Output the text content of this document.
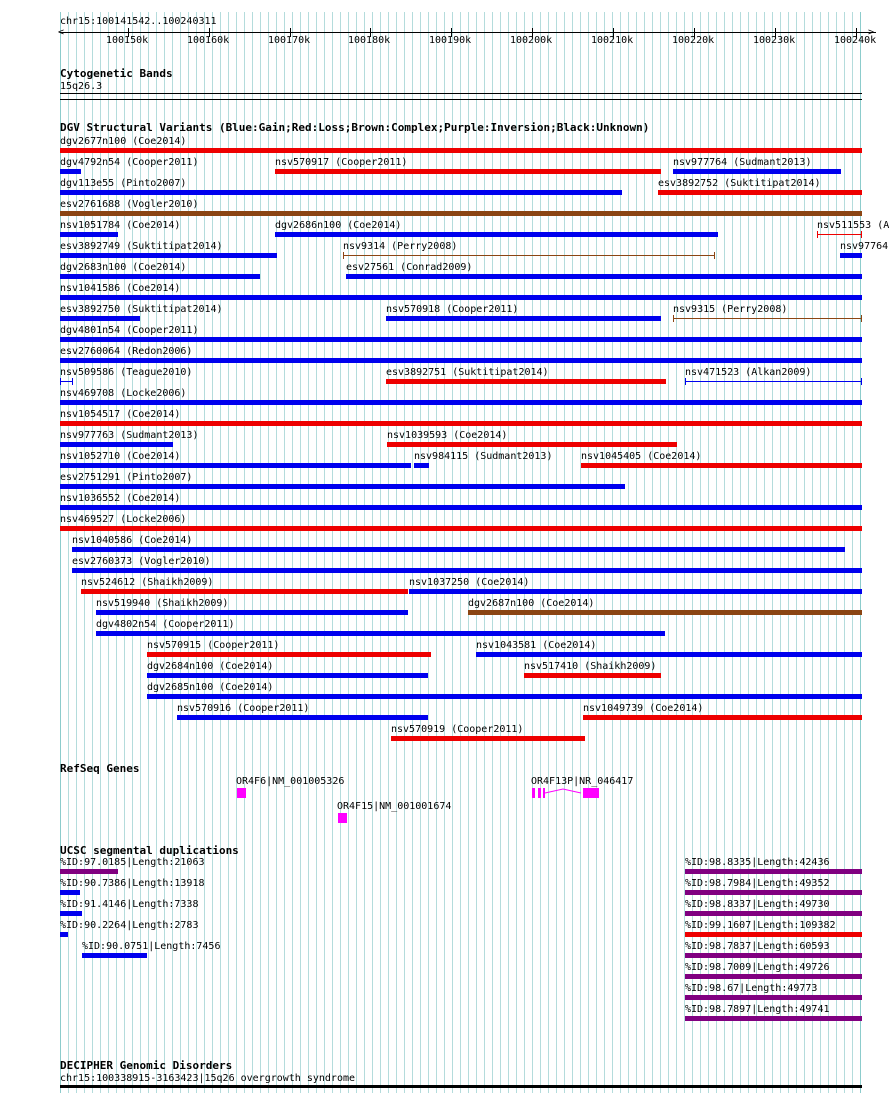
chr15:100141542..100240311
100150k	100160k	100170k	100180k	100190k	100200k	100210k	100220k	100230k	100240k
<	>
Cytogenetic Bands
15q26.3
DGV Structural Variants (Blue:Gain;Red:Loss;Brown:Complex;Purple:Inversion;Black:Unknown)
dgv2677n100 (Coe2014)
dgv4792n54 (Cooper2011)	nsv570917 (Cooper2011)	nsv977764 (Sudmant2013)
dgv113e55 (Pinto2007)	esv3892752 (Suktitipat2014)
esv2761688 (Vogler2010)
nsv1051784 (Coe2014)	dgv2686n100 (Coe2014)	nsv511553 (A
esv3892749 (Suktitipat2014)	nsv9314 (Perry2008)	nsv97764
dgv2683n100 (Coe2014)	esv27561 (Conrad2009)
nsv1041586 (Coe2014)
esv3892750 (Suktitipat2014)	nsv570918 (Cooper2011)	nsv9315 (Perry2008)
dgv4801n54 (Cooper2011)
esv2760064 (Redon2006)
nsv509586 (Teague2010)	esv3892751 (Suktitipat2014)	nsv471523 (Alkan2009)
nsv469708 (Locke2006)
nsv1054517 (Coe2014)
nsv977763 (Sudmant2013)	nsv1039593 (Coe2014)
nsv1052710 (Coe2014)	nsv984115 (Sudmant2013)	nsv1045405 (Coe2014)
esv2751291 (Pinto2007)
nsv1036552 (Coe2014)
nsv469527 (Locke2006)
nsv1040586 (Coe2014)
esv2760373 (Vogler2010)
nsv524612 (Shaikh2009)	nsv1037250 (Coe2014)
nsv519940 (Shaikh2009)	dgv2687n100 (Coe2014)
dgv4802n54 (Cooper2011)
nsv570915 (Cooper2011)	nsv1043581 (Coe2014)
dgv2684n100 (Coe2014)	nsv517410 (Shaikh2009)
dgv2685n100 (Coe2014)
nsv570916 (Cooper2011)	nsv1049739 (Coe2014)
nsv570919 (Cooper2011)
RefSeq Genes
OR4F6|NM_001005326
OR4F15|NM_001001674
OR4F13P|NR_046417
UCSC segmental duplications
%ID:97.0185|Length:21063
%ID:90.7386|Length:13918
%ID:91.4146|Length:7338
%ID:90.2264|Length:2783
%ID:90.0751|Length:7456
%ID:98.8335|Length:42436
%ID:98.7984|Length:49352
%ID:98.8337|Length:49730
%ID:99.1607|Length:109382
%ID:98.7837|Length:60593
%ID:98.7009|Length:49726
%ID:98.67|Length:49773
%ID:98.7897|Length:49741
DECIPHER Genomic Disorders
chr15:100338915-3163423|15q26 overgrowth syndrome
